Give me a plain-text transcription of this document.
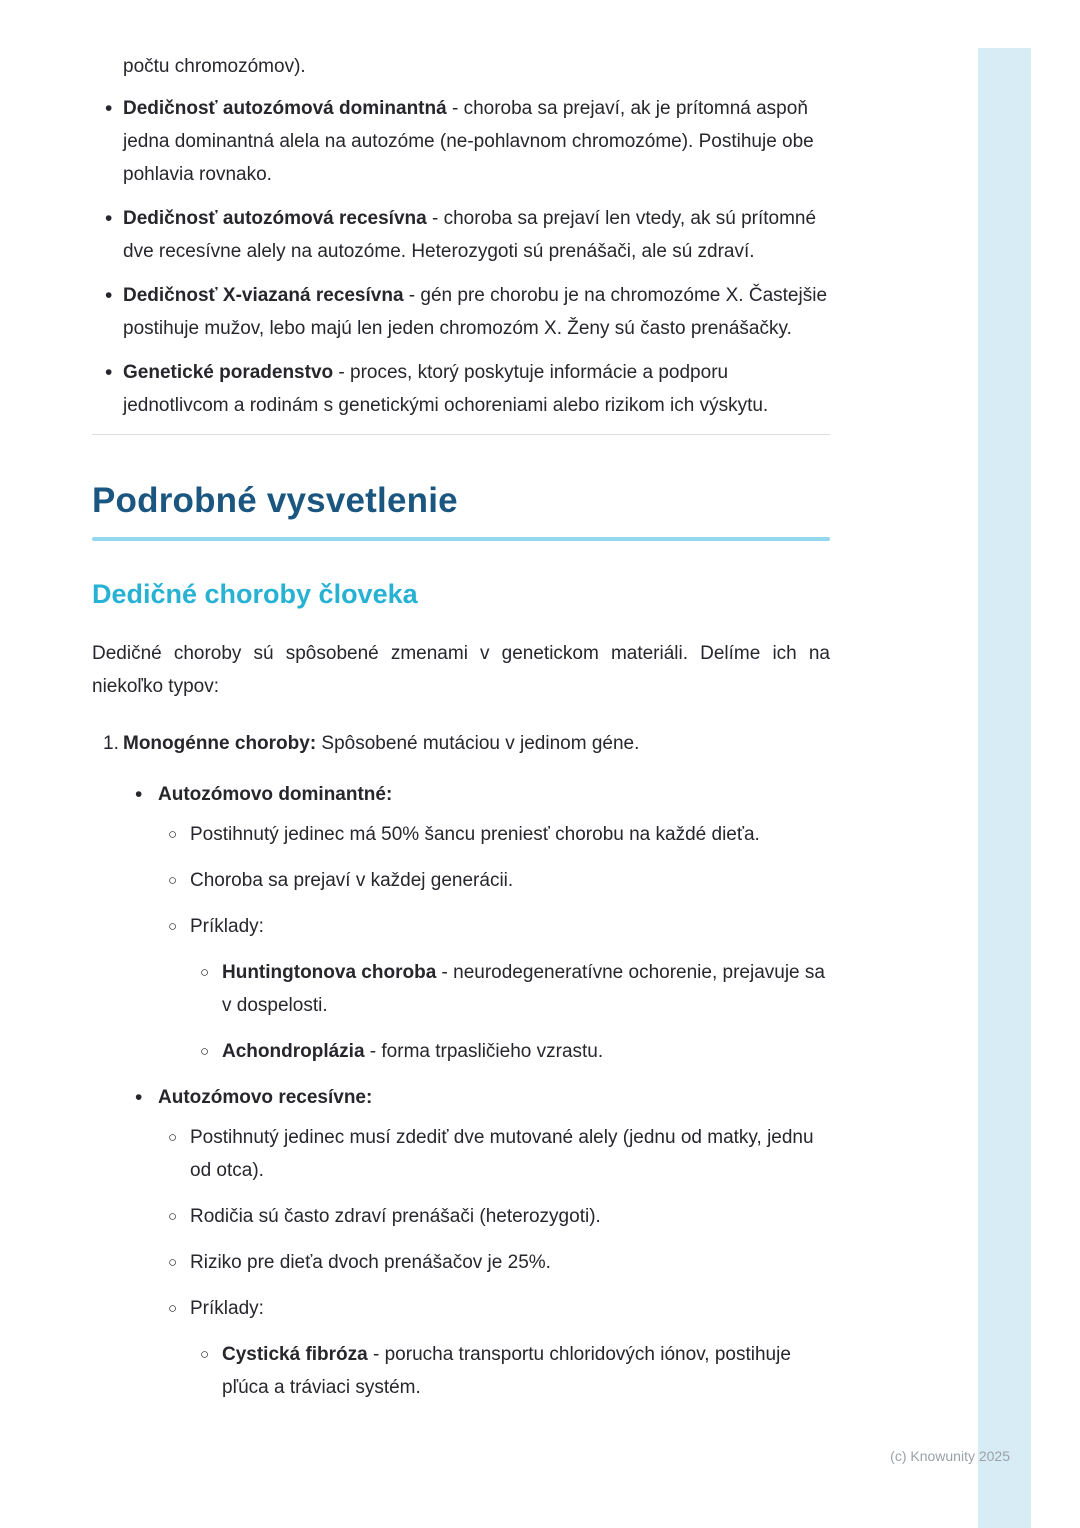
počtu chromozómov).

• Dedičnosť autozómová dominantná - choroba sa prejaví, ak je prítomná aspoň jedna dominantná alela na autozóme (ne-pohlavnom chromozóme). Postihuje obe pohlavia rovnako.
• Dedičnosť autozómová recesívna - choroba sa prejaví len vtedy, ak sú prítomné dve recesívne alely na autozóme. Heterozygoti sú prenášači, ale sú zdraví.
• Dedičnosť X-viazaná recesívna - gén pre chorobu je na chromozóme X. Častejšie postihuje mužov, lebo majú len jeden chromozóm X. Ženy sú často prenášačky.
• Genetické poradenstvo - proces, ktorý poskytuje informácie a podporu jednotlivcom a rodinám s genetickými ochoreniami alebo rizikom ich výskytu.
Podrobné vysvetlenie
Dedičné choroby človeka

Dedičné choroby sú spôsobené zmenami v genetickom materiáli. Delíme ich na niekoľko typov:

1. Monogénne choroby: Spôsobené mutáciou v jedinom géne.
• Autozómovo dominantné:
○ Postihnutý jedinec má 50% šancu preniesť chorobu na každé dieťa.
○ Choroba sa prejaví v každej generácii.
○ Príklady:
○ Huntingtonova choroba - neurodegeneratívne ochorenie, prejavuje sa v dospelosti.
○ Achondroplázia - forma trpasličieho vzrastu.
• Autozómovo recesívne:
○ Postihnutý jedinec musí zdediť dve mutované alely (jednu od matky, jednu od otca).
○ Rodičia sú často zdraví prenášači (heterozygoti).
○ Riziko pre dieťa dvoch prenášačov je 25%.
○ Príklady:
○ Cystická fibróza - porucha transportu chloridových iónov, postihuje pľúca a tráviaci systém.
(c) Knowunity 2025
